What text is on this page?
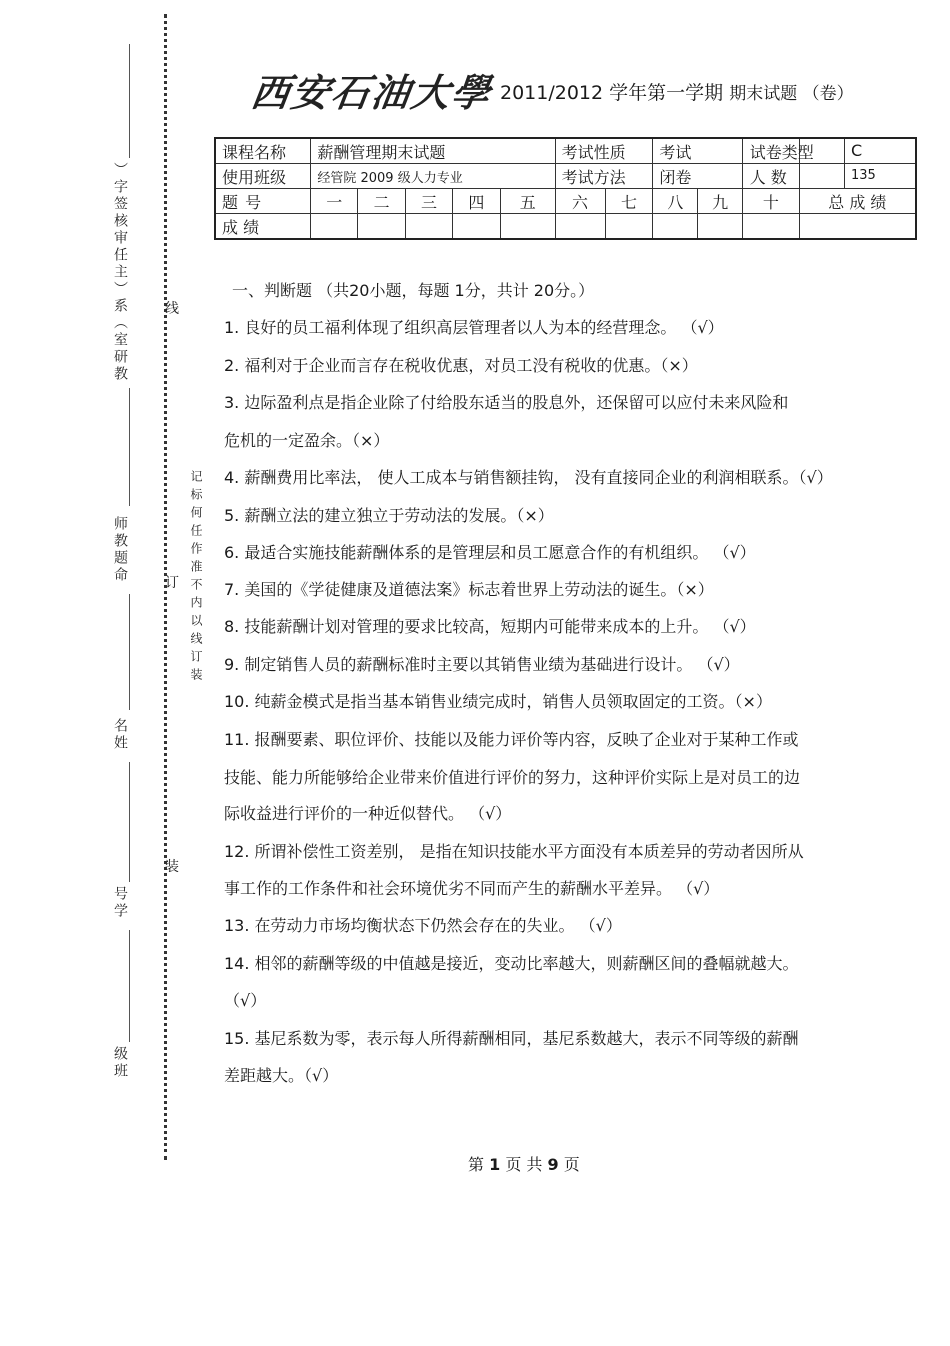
）字签核审任主）系（室研教
师教题命
名姓
号学
级班
线
订
装
记标何任作准不内以线订装
西安石油大學 2011/2012 学年第一学期 期末试题 （卷）
课程名称	薪酬管理期末试题					考试性质		考试			试卷类型 C

使用班级	经管院 2009 级人力专业					考试方法		闭卷			人 数 135

题 号	一	二	三	四	五	六	七	八	九	十	总 成 绩
成 绩											
一、判断题 （共20小题，每题 1分，共计 20分。）
1. 良好的员工福利体现了组织高层管理者以人为本的经营理念。 （√）
2. 福利对于企业而言存在税收优惠，对员工没有税收的优惠。（×）
3. 边际盈利点是指企业除了付给股东适当的股息外，还保留可以应付未来风险和
危机的一定盈余。（×）
4. 薪酬费用比率法， 使人工成本与销售额挂钩， 没有直接同企业的利润相联系。（√）
5. 薪酬立法的建立独立于劳动法的发展。（×）
6. 最适合实施技能薪酬体系的是管理层和员工愿意合作的有机组织。 （√）
7. 美国的《学徒健康及道德法案》标志着世界上劳动法的诞生。（×）
8. 技能薪酬计划对管理的要求比较高，短期内可能带来成本的上升。 （√）
9. 制定销售人员的薪酬标准时主要以其销售业绩为基础进行设计。 （√）
10. 纯薪金模式是指当基本销售业绩完成时，销售人员领取固定的工资。（×）
11. 报酬要素、职位评价、技能以及能力评价等内容，反映了企业对于某种工作或
技能、能力所能够给企业带来价值进行评价的努力，这种评价实际上是对员工的边
际收益进行评价的一种近似替代。 （√）
12. 所谓补偿性工资差别， 是指在知识技能水平方面没有本质差异的劳动者因所从
事工作的工作条件和社会环境优劣不同而产生的薪酬水平差异。 （√）
13. 在劳动力市场均衡状态下仍然会存在的失业。 （√）
14. 相邻的薪酬等级的中值越是接近，变动比率越大，则薪酬区间的叠幅就越大。
（√）
15. 基尼系数为零，表示每人所得薪酬相同，基尼系数越大，表示不同等级的薪酬
差距越大。（√）
第 1 页 共 9 页
